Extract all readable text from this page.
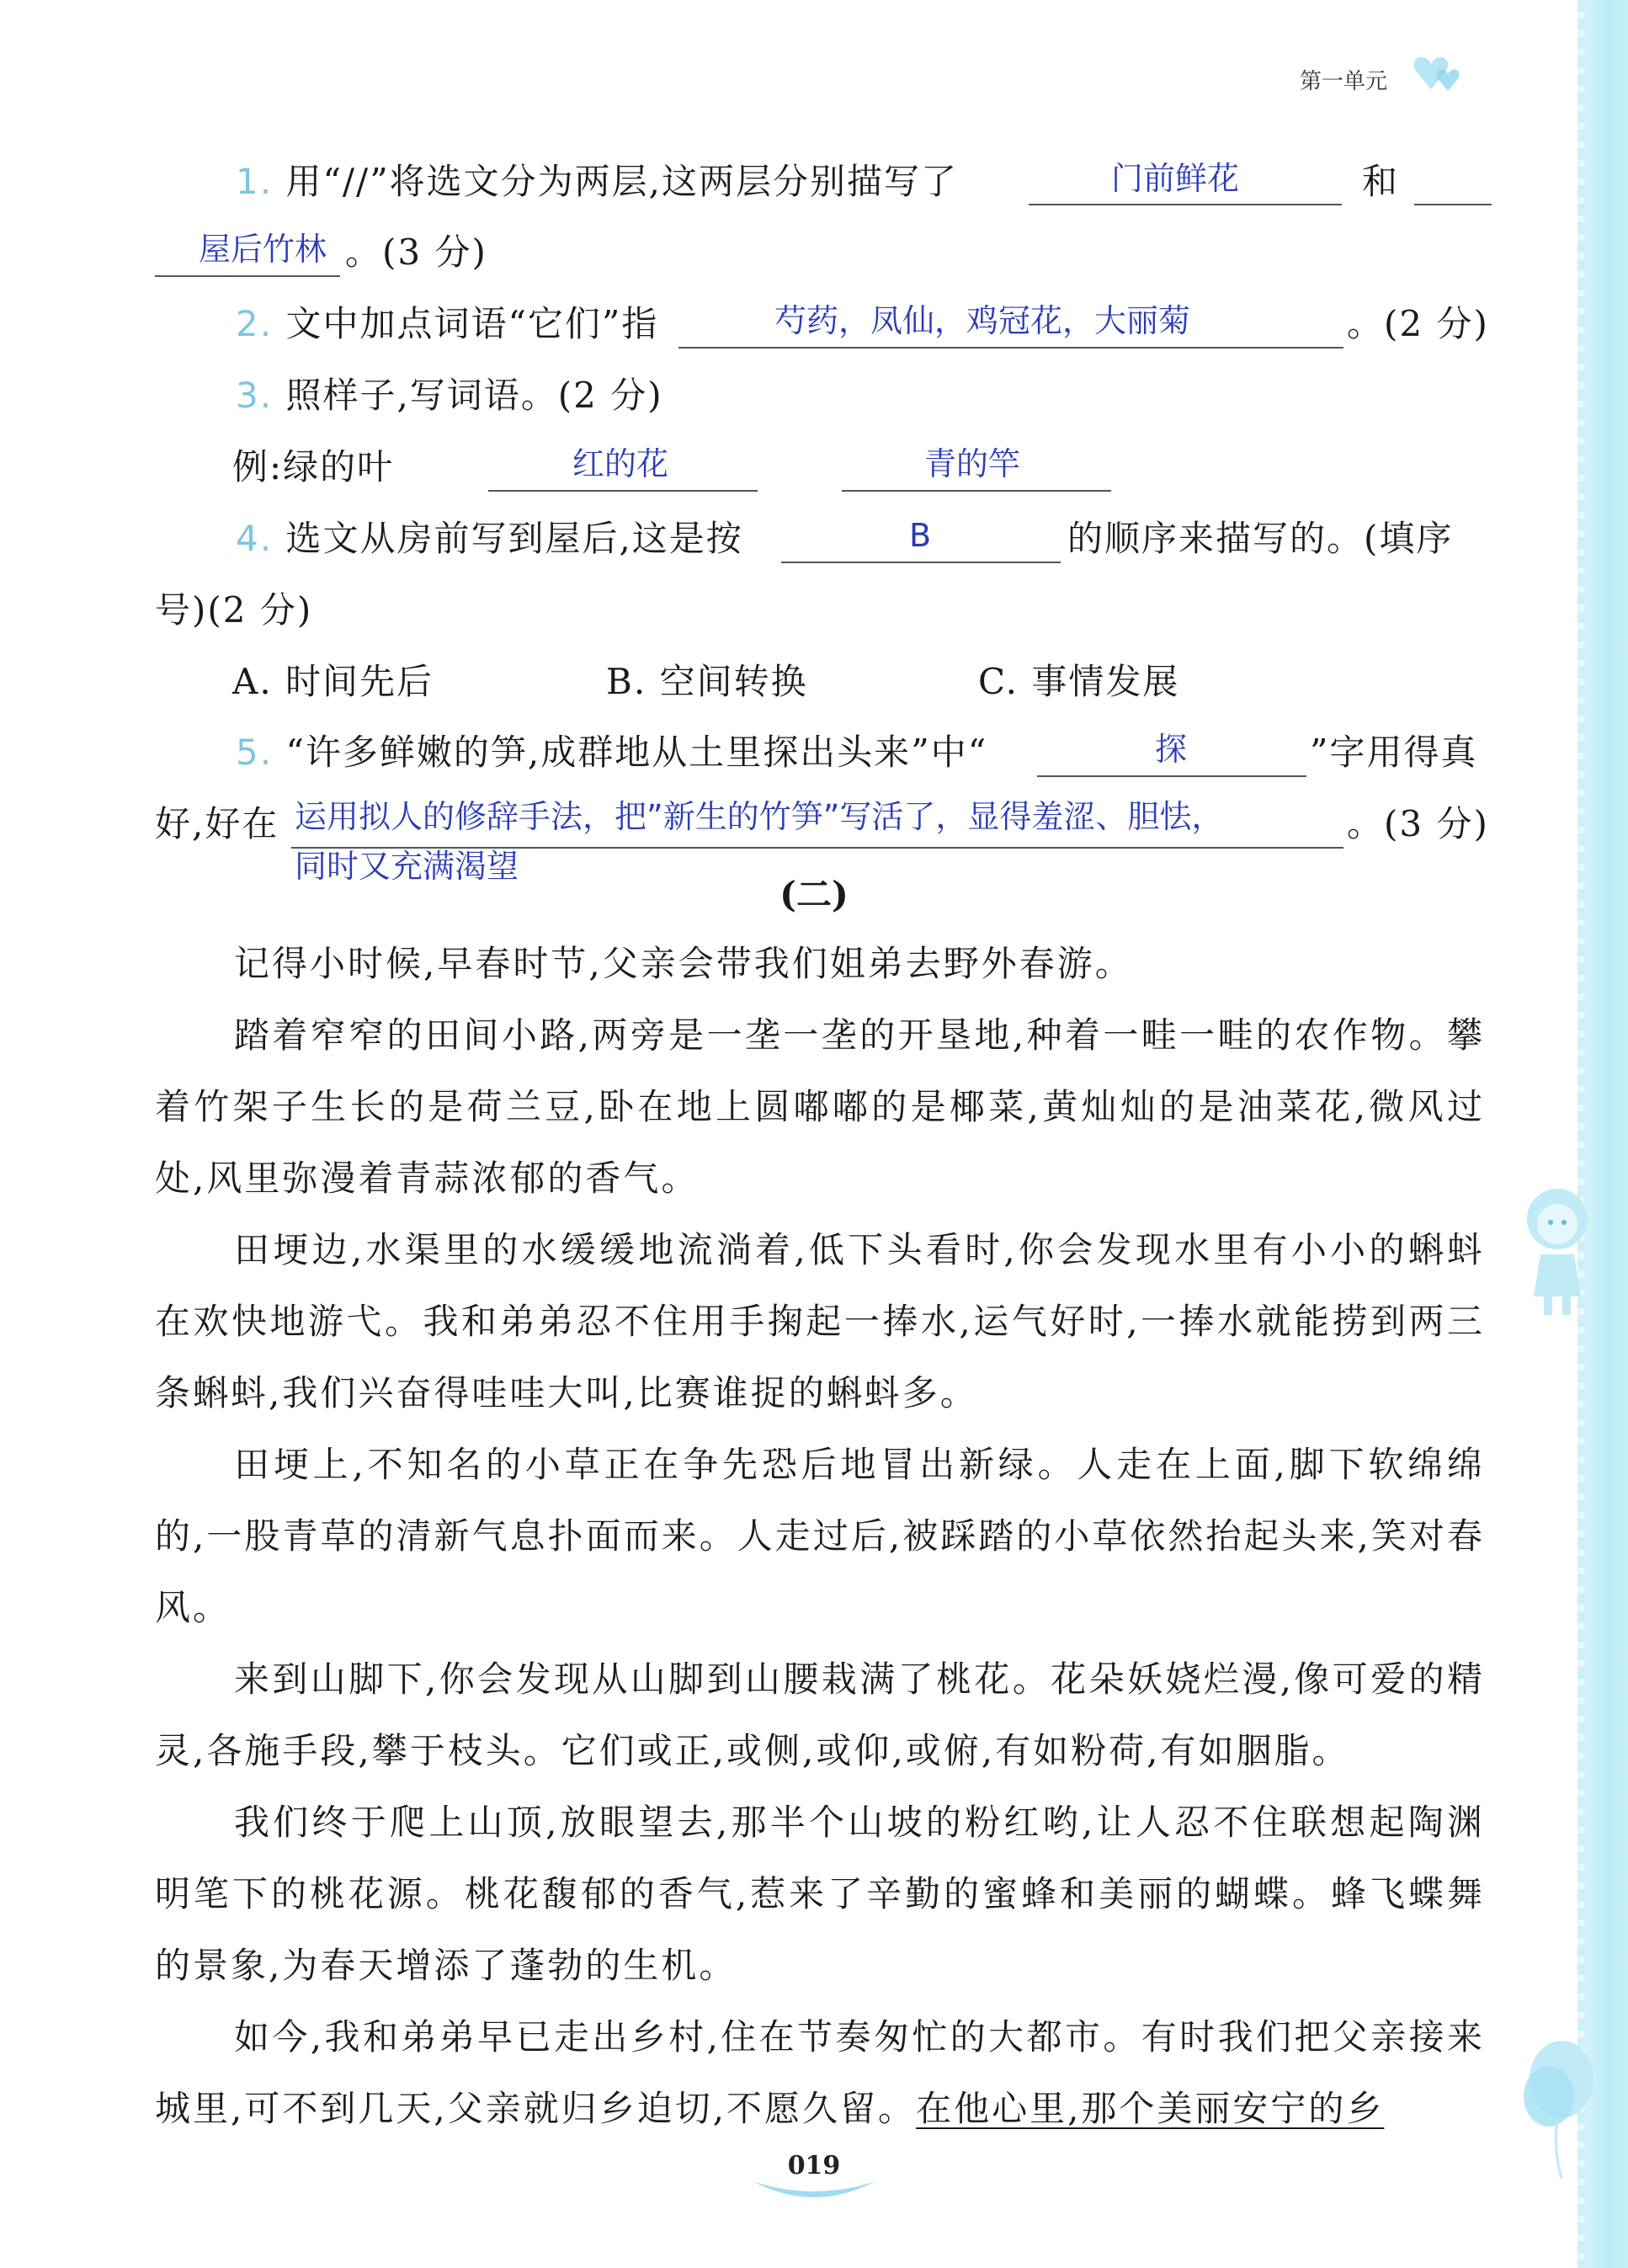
第一单元
1. 用“//”将选文分为两层,这两层分别描写了	门前鲜花	和
屋后竹林 。(3 分)
2. 文中加点词语“它们”指	芍药，凤仙，鸡冠花，大丽菊	。(2 分)
3. 照样子,写词语。(2 分)
例:绿的叶	红的花	青的竿
4. 选文从房前写到屋后,这是按	B	的顺序来描写的。(填序
号)(2 分)
A. 时间先后	B. 空间转换	C. 事情发展
5. “许多鲜嫩的笋,成群地从土里探出头来”中“	探	”字用得真
好,好在 运用拟人的修辞手法，把”新生的竹笋”写活了，显得羞涩、胆怯，
同时又充满渴望
。(3 分)
(二)
记得小时候,早春时节,父亲会带我们姐弟去野外春游。
踏着窄窄的田间小路,两旁是一垄一垄的开垦地,种着一畦一畦的农作物。攀着竹架子生长的是荷兰豆,卧在地上圆嘟嘟的是椰菜,黄灿灿的是油菜花,微风过处,风里弥漫着青蒜浓郁的香气。
田埂边,水渠里的水缓缓地流淌着,低下头看时,你会发现水里有小小的蝌蚪在欢快地游弋。我和弟弟忍不住用手掬起一捧水,运气好时,一捧水就能捞到两三条蝌蚪,我们兴奋得哇哇大叫,比赛谁捉的蝌蚪多。
田埂上,不知名的小草正在争先恐后地冒出新绿。人走在上面,脚下软绵绵的,一股青草的清新气息扑面而来。人走过后,被踩踏的小草依然抬起头来,笑对春风。
来到山脚下,你会发现从山脚到山腰栽满了桃花。花朵妖娆烂漫,像可爱的精灵,各施手段,攀于枝头。它们或正,或侧,或仰,或俯,有如粉荷,有如胭脂。
我们终于爬上山顶,放眼望去,那半个山坡的粉红哟,让人忍不住联想起陶渊明笔下的桃花源。桃花馥郁的香气,惹来了辛勤的蜜蜂和美丽的蝴蝶。蜂飞蝶舞的景象,为春天增添了蓬勃的生机。
如今,我和弟弟早已走出乡村,住在节奏匆忙的大都市。有时我们把父亲接来城里,可不到几天,父亲就归乡迫切,不愿久留。在他心里,那个美丽安宁的乡
019
